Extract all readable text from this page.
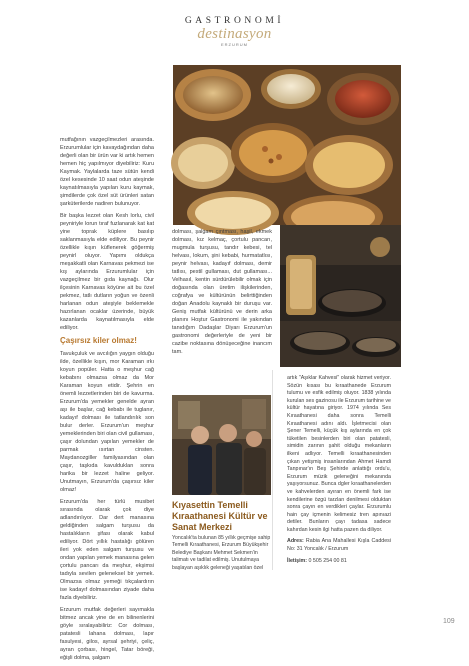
GASTRONOMİ
destinasyon
ERZURUM

mutfağının vazgeçilmezleri arasında. Erzurumlular için kavaydağından daha değerli olan bir ürün var ki artık hemen hemen hiç yapılmıyor diyebiliriz: Kuru Kaymak. Yaylalarda taze sütün kendi özel kesesinde 10 saat odun ateşinde kaynatılmasıyla yapılan kuru kaymak, şimdilerde çok özel süt ürünleri satan şarküterilerde nadiren bulunuyor.

Bir başka lezzet olan Kesh lorlu, civil peyniriyle lorun tıraf fuzlanarak kat kat yine toprak küplere basılıp saklanmasıyla elde ediliyor. Bu peynir özellikle kışın küflenerek göğermiş peynirl oluyor. Yapımı oldukça meşakkatli olan Karnavas pekmezi ise kış aylarında Erzurumlular için vazgeçilmez bir gıda kaynağı. Olur ilçesinin Karnavas köyüne ait bu özel pekmez, tatlı dutların yoğun ve özenli harlanan odun ateşiyle beklemekle hazırlanan ocaklar üzerinde, büyük kazanlarda kaynatılmasıyla elde ediliyor.

Çaşırsız kiler olmaz!

Tavukçuluk ve avcılığın yaygın olduğu ilde, özellikle kışın, mor Karaman ırkı koyun popüler. Hatta o meşhur cağ kebabını olmazsa olmaz da Mor Karaman koyun etidir. Şehrin en önemli lezzetlerinden biri de kavurma. Erzurum'da yemekler genelde ayran aşı ile başlar, cağ kebabı ile tuglanır, kadayıf dolması ile tatlandırılık son bulur derler. Erzurum'un meşhur yemeklerinden biri olan civil gullaması, çaşır dolundan yapılan yemekler de parmak ısırtan cinsten. Maydanozgiller familyasından olan çaşır, taşkıda kavuldukları sonra harika bir lezzet haline geliyor. Unutmayın, Erzurum'da çaşırsız kiler olmaz!

Erzurum'da her türlü musibet sırasında olarak çok diye adlandırılıyor. Dar dert manasına geldiğinden salgam turşusu da hastalıkların şifası olarak kabul ediliyor. Dört yıllık hastalığı gölüren ileri yok eden salgam turşusu ve ondan yapılan yemek manasına gelen çortulu pancarı da meşhur, ekşimsi tadıyla sevilen geleneksel bir yemek. Olmazsa olmaz yemeği tıkçalardırın ise kadayıf dolmasından ziyade daha fazla diyebiliriz.

Erzurum mutfak değerleri sayımakla bitmez ancak yine de en bilinenlerini göyle sıralayabiliriz: Cor dolması, patatesli lahana dolması, lapır fasulyesi, gilos, ayrsal şehriyi, çeliç, ayran çorbası, hingel, Tatar böreği, eğişli dolma, şalgam

dolması, şalgam çıntması, haşil, ekmek dolması, kız kelmaç, çortulu pancarı, mugmula turşusu, tandır kebesi, tel helvası, lokum, şini kebabi, hurmatatlısı, peynir helvası, kadayıf dolması, demir tatlısı, pestil gullaması, dut gullaması... Velhasıl, kentin sürdürülebilir olmak için doğasında olan üretim ilişkilerinden, coğrafya ve kültürünün belirttiğinden doğan Anadolu kaynaklı bir duruşu var. Geniş mutfak kültürünü ve derin arka planını Hoştur Gastronomi ile yakından tanıdığım Dadaşlar Diyarı Erzurum'un gastronomi değerleriyle de yeni bir cazibe noktasına dönüşeceğine inancım tam.

Kıyasettin Temelli Kıraathanesi Kültür ve Sanat Merkezi
Yoncalık'ta bulunan 85 yıllık geçmişe sahip Temelli Kıraathanesi, Erzurum Büyükşehir Belediye Başkanı Mehmet Sekmen'in talimatı ve tadilat edilmiş. Unutulmaya başlayan aşıklık geleneği yaşatılan özel

artık "Aşıklar Kahvesi" olarak hizmet veriyor. Sözün kısası bu kıraathanede Erzurum tulumu ve esfik edilmiş oluyor. 1838 yılında kurulan ses gazinosu ile Erzurum tarihine ve kültür hayatına giriyor. 1974 yılında Ses Kıraathanesi daha sonra Temelli Kıraathanesi adını aldı. İşletmecisi olan Şener Temelli, küçük kış aylarında en çok tüketilen besinlerden biri olan patatesli, simidin zarının şahit olduğu mekanların ilkeni adlıyor. Temelli kıraathanesinden çıkan yetişmiş insanlarından Ahmet Hamdi Tanpınar'ın Beş Şehirde anlattığı ordu'u, Erzurum müzik geleneğini mekanında yaşıyorsunuz. Bunca dgler kıraathanelerden ve kahvelerden ayıran en önemli fark ise kendilerine özgü tarzları denilmesi olduktan sonra çayın en verdikleri çaylar. Erzurumlu hain çay içmenin kelimesiz tren apınıazi detiler. Bunların çayı tadasa sadece kahırdan kesin ilgi hatta pazen da diliyor.

Adres: Rabia Ana Mahallesi Kışla Caddesi No: 31 Yoncalık / Erzurum

İletişim: 0 505 254 00 81

109
